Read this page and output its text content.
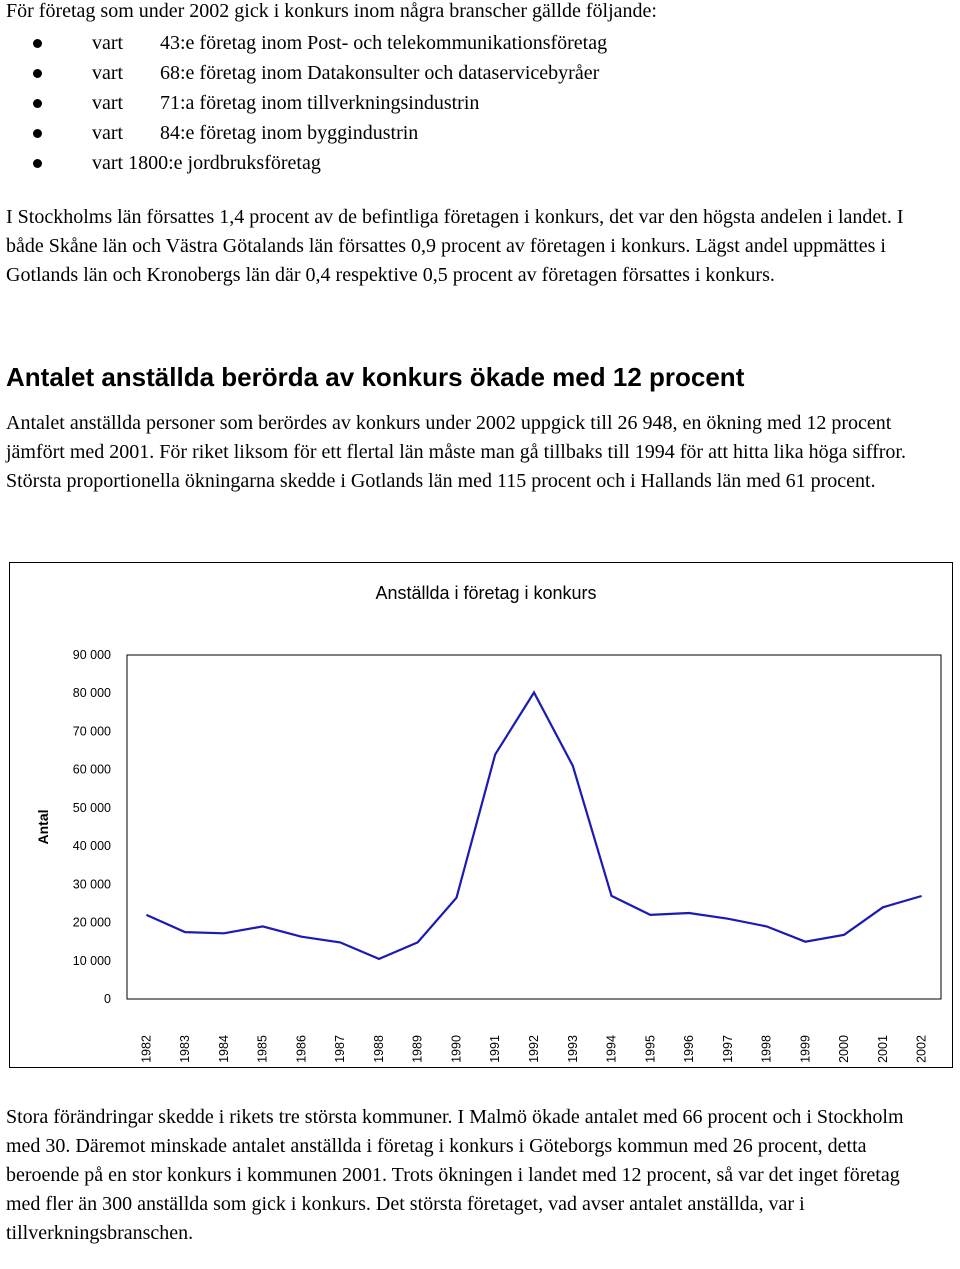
För företag som under 2002 gick i konkurs inom några branscher gällde följande:

vart 43:e företag inom Post- och telekommunikationsföretag
vart 68:e företag inom Datakonsulter och dataservicebyråer
vart 71:a företag inom tillverkningsindustrin
vart 84:e företag inom byggindustrin
vart 1800:e jordbruksföretag

I Stockholms län försattes 1,4 procent av de befintliga företagen i konkurs, det var den högsta andelen i landet. I både Skåne län och Västra Götalands län försattes 0,9 procent av företagen i konkurs. Lägst andel uppmättes i Gotlands län och Kronobergs län där 0,4 respektive 0,5 procent av företagen försattes i konkurs.

Antalet anställda berörda av konkurs ökade med 12 procent

Antalet anställda personer som berördes av konkurs under 2002 uppgick till 26 948, en ökning med 12 procent jämfört med 2001. För riket liksom för ett flertal län måste man gå tillbaks till 1994 för att hitta lika höga siffror. Största proportionella ökningarna skedde i Gotlands län med 115 procent och i Hallands län med 61 procent.

Anställda i företag i konkurs
Antal
0
10 000
20 000
30 000
40 000
50 000
60 000
70 000
80 000
90 000
1982 1983 1984 1985 1986 1987 1988 1989 1990 1991 1992 1993 1994 1995 1996 1997 1998 1999 2000 2001 2002

Stora förändringar skedde i rikets tre största kommuner. I Malmö ökade antalet med 66 procent och i Stockholm med 30. Däremot minskade antalet anställda i företag i konkurs i Göteborgs kommun med 26 procent, detta beroende på en stor konkurs i kommunen 2001. Trots ökningen i landet med 12 procent, så var det inget företag med fler än 300 anställda som gick i konkurs. Det största företaget, vad avser antalet anställda, var i tillverkningsbranschen.
